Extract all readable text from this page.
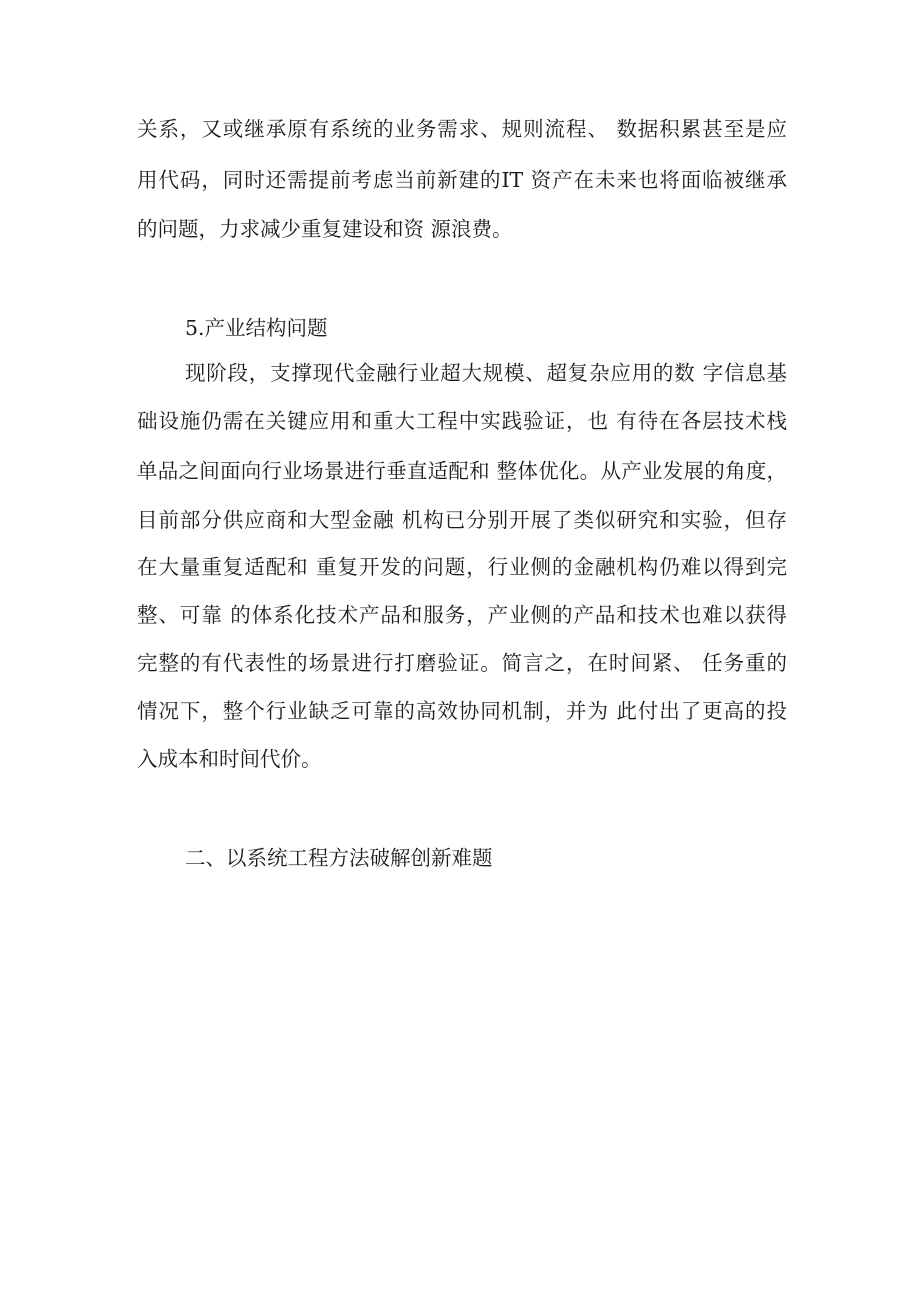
关系，又或继承原有系统的业务需求、规则流程、 数据积累甚至是应
用代码，同时还需提前考虑当前新建的IT 资产在未来也将面临被继承
的问题，力求减少重复建设和资 源浪费。
5.产业结构问题
现阶段，支撑现代金融行业超大规模、超复杂应用的数 字信息基
础设施仍需在关键应用和重大工程中实践验证，也 有待在各层技术栈
单品之间面向行业场景进行垂直适配和 整体优化。从产业发展的角度，
目前部分供应商和大型金融 机构已分别开展了类似研究和实验，但存
在大量重复适配和 重复开发的问题，行业侧的金融机构仍难以得到完
整、可靠 的体系化技术产品和服务，产业侧的产品和技术也难以获得
完整的有代表性的场景进行打磨验证。简言之，在时间紧、 任务重的
情况下，整个行业缺乏可靠的高效协同机制，并为 此付出了更高的投
入成本和时间代价。
二、以系统工程方法破解创新难题
